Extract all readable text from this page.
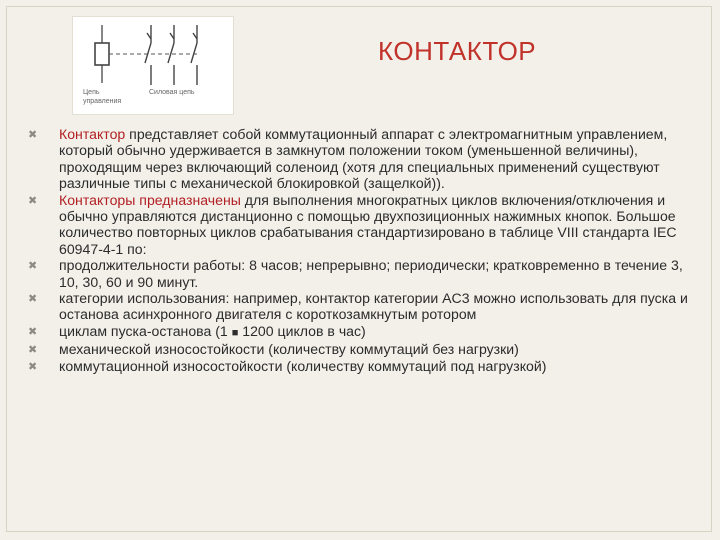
Цепь
управления
Силовая цепь
КОНТАКТОР
✖ Контактор представляет собой коммутационный аппарат с электромагнитным управлением, который обычно удерживается в замкнутом положении током (уменьшенной величины), проходящим через включающий соленоид (хотя для специальных применений существуют различные типы с механической блокировкой (защелкой)).
✖ Контакторы предназначены для выполнения многократных циклов включения/отключения и обычно управляются дистанционно с помощью двухпозиционных нажимных кнопок. Большое количество повторных циклов срабатывания стандартизировано в таблице VIII стандарта IEC 60947-4-1 по:
✖ продолжительности работы: 8 часов; непрерывно; периодически; кратковременно в течение 3, 10, 30, 60 и 90 минут.
✖ категории использования: например, контактор категории AC3 можно использовать для пуска и останова асинхронного двигателя с короткозамкнутым ротором
✖ циклам пуска-останова (1 ■ 1200 циклов в час)
✖ механической износостойкости (количеству коммутаций без нагрузки)
✖ коммутационной износостойкости (количеству коммутаций под нагрузкой)
